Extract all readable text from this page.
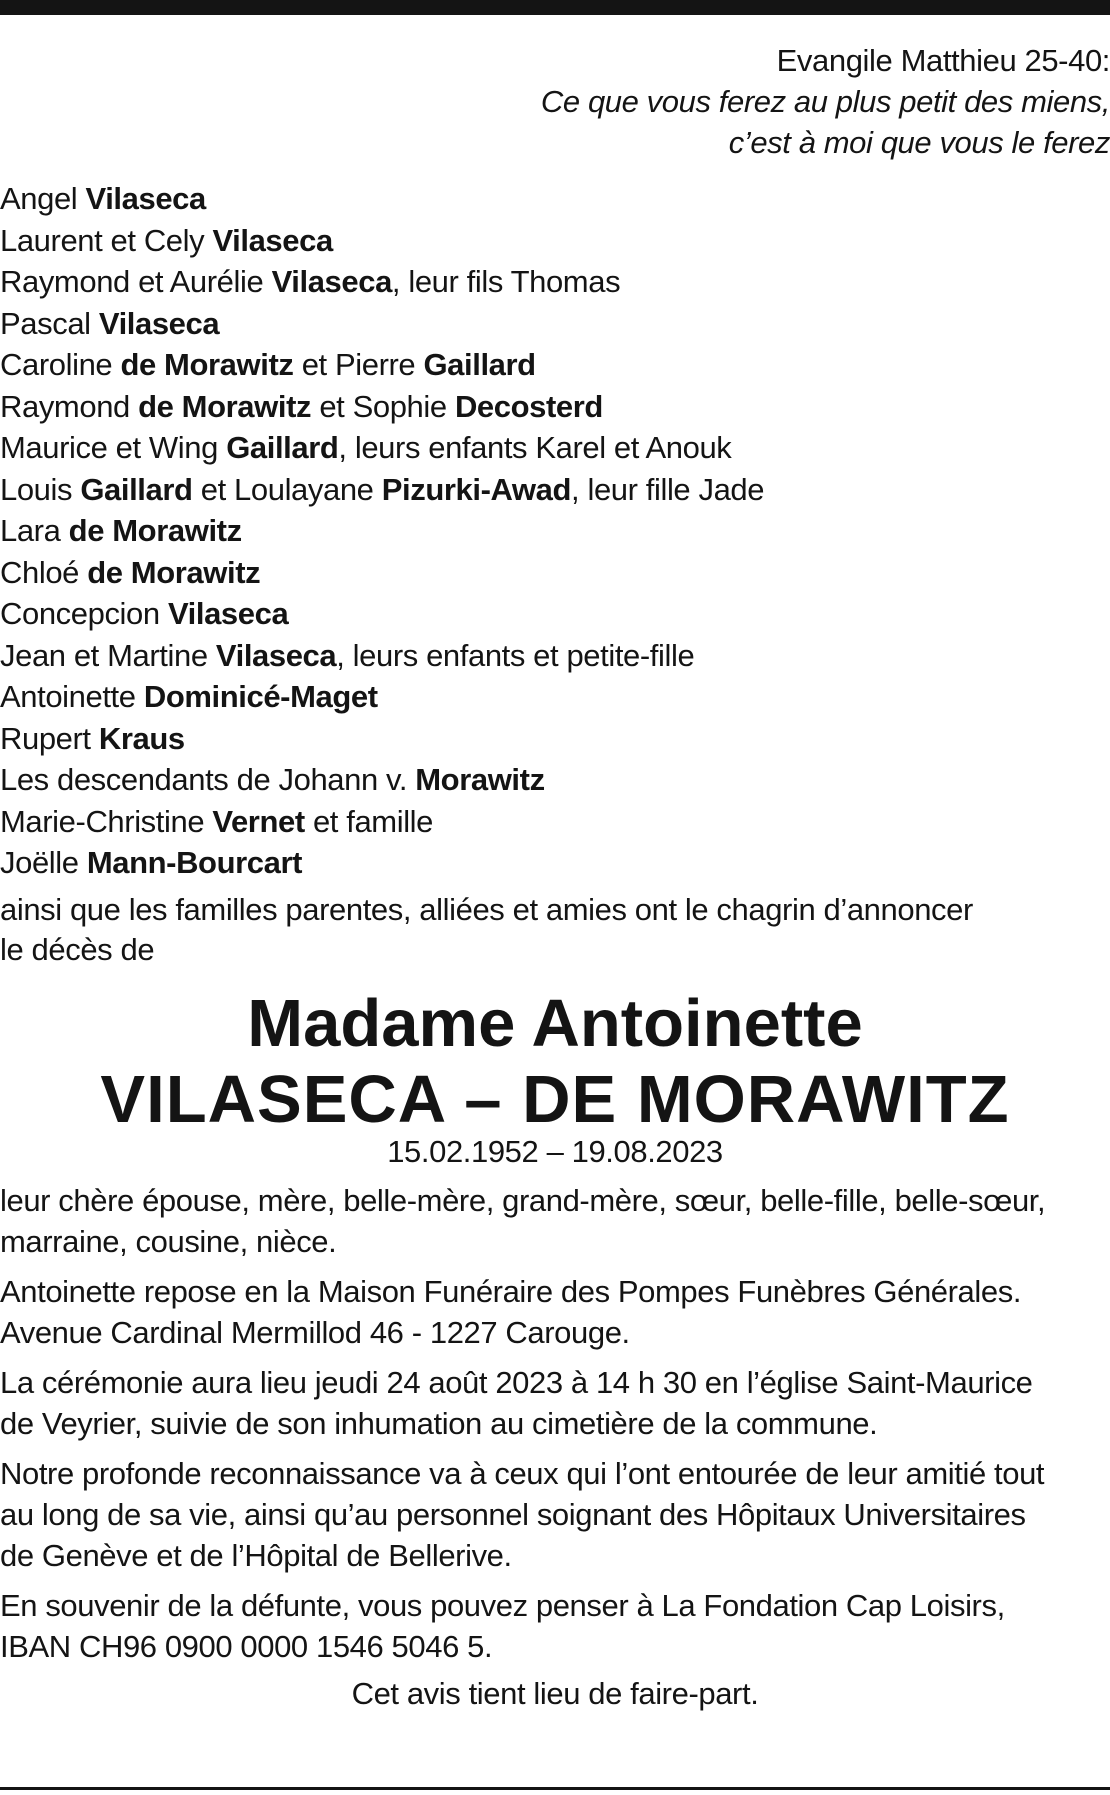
Evangile Matthieu 25-40:
Ce que vous ferez au plus petit des miens,
c’est à moi que vous le ferez
Angel Vilaseca
Laurent et Cely Vilaseca
Raymond et Aurélie Vilaseca, leur fils Thomas
Pascal Vilaseca
Caroline de Morawitz et Pierre Gaillard
Raymond de Morawitz et Sophie Decosterd
Maurice et Wing Gaillard, leurs enfants Karel et Anouk
Louis Gaillard et Loulayane Pizurki-Awad, leur fille Jade
Lara de Morawitz
Chloé de Morawitz
Concepcion Vilaseca
Jean et Martine Vilaseca, leurs enfants et petite-fille
Antoinette Dominicé-Maget
Rupert Kraus
Les descendants de Johann v. Morawitz
Marie-Christine Vernet et famille
Joëlle Mann-Bourcart
ainsi que les familles parentes, alliées et amies ont le chagrin d’annoncer
le décès de
Madame Antoinette
VILASECA – DE MORAWITZ
15.02.1952 – 19.08.2023
leur chère épouse, mère, belle-mère, grand-mère, sœur, belle-fille, belle-sœur,
marraine, cousine, nièce.
Antoinette repose en la Maison Funéraire des Pompes Funèbres Générales.
Avenue Cardinal Mermillod 46 - 1227 Carouge.
La cérémonie aura lieu jeudi 24 août 2023 à 14 h 30 en l’église Saint-Maurice
de Veyrier, suivie de son inhumation au cimetière de la commune.
Notre profonde reconnaissance va à ceux qui l’ont entourée de leur amitié tout
au long de sa vie, ainsi qu’au personnel soignant des Hôpitaux Universitaires
de Genève et de l’Hôpital de Bellerive.
En souvenir de la défunte, vous pouvez penser à La Fondation Cap Loisirs,
IBAN CH96 0900 0000 1546 5046 5.
Cet avis tient lieu de faire-part.
